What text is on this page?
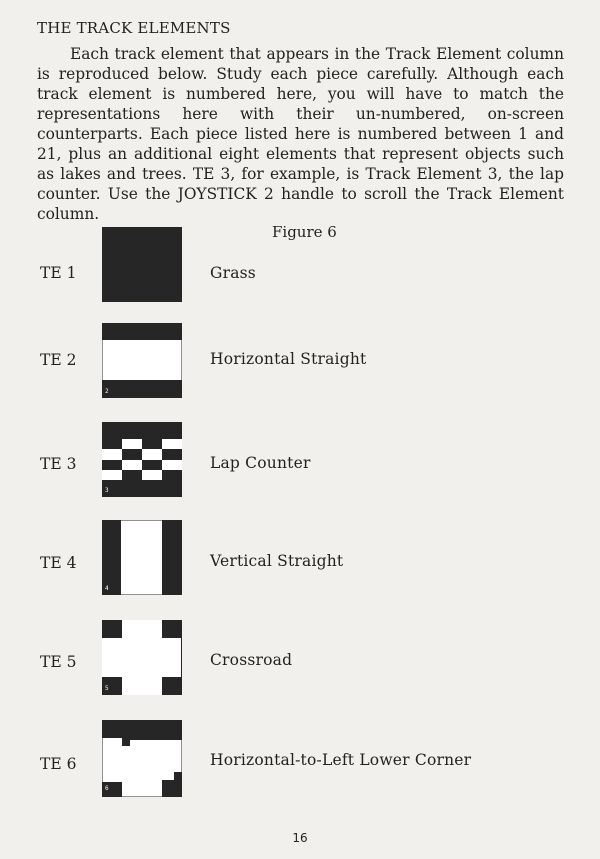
THE TRACK ELEMENTS

Each track element that appears in the Track Element column is reproduced below. Study each piece carefully. Although each track element is numbered here, you will have to match the representations here with their un-numbered, on-screen counterparts. Each piece listed here is numbered between 1 and 21, plus an additional eight elements that represent objects such as lakes and trees. TE 3, for example, is Track Element 3, the lap counter. Use the JOYSTICK 2 handle to scroll the Track Element column.

Figure 6
TE 1	Grass
TE 2
2
Horizontal Straight
TE 3
3
Lap Counter
TE 4
4
Vertical Straight
TE 5
5
Crossroad
TE 6
6
Horizontal-to-Left Lower Corner
16
